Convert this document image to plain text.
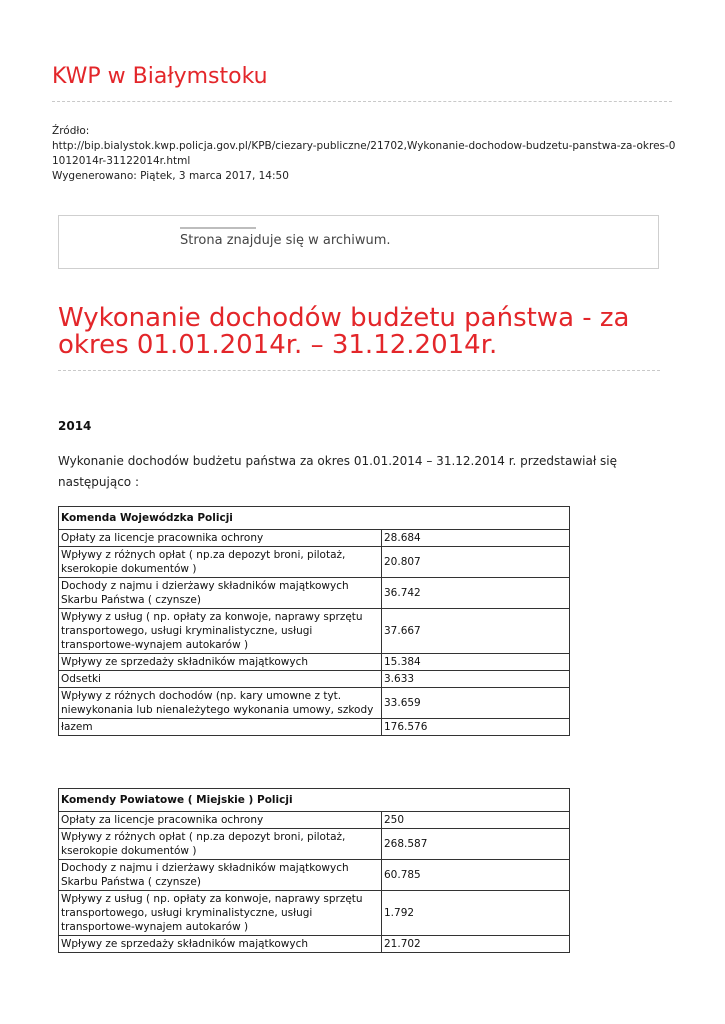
KWP w Białymstoku
Źródło:
http://bip.bialystok.kwp.policja.gov.pl/KPB/ciezary-publiczne/21702,Wykonanie-dochodow-budzetu-panstwa-za-okres-01012014r-31122014r.html
Wygenerowano: Piątek, 3 marca 2017, 14:50
Strona znajduje się w archiwum.
Wykonanie dochodów budżetu państwa - za okres 01.01.2014r. – 31.12.2014r.
2014
Wykonanie dochodów budżetu państwa za okres 01.01.2014 – 31.12.2014 r. przedstawiał się następująco :
Komenda Wojewódzka Policji	
Opłaty za licencje pracownika ochrony	28.684
Wpływy z różnych opłat ( np.za depozyt broni, pilotaż, kserokopie dokumentów )	20.807
Dochody z najmu i dzierżawy składników majątkowych Skarbu Państwa ( czynsze)	36.742
Wpływy z usług ( np. opłaty za konwoje, naprawy sprzętu transportowego, usługi kryminalistyczne, usługi transportowe-wynajem autokarów )	37.667
Wpływy ze sprzedaży składników majątkowych	15.384
Odsetki	3.633
Wpływy z różnych dochodów (np. kary umowne z tyt. niewykonania lub nienależytego wykonania umowy, szkody	33.659
łazem	176.576
Komendy Powiatowe ( Miejskie ) Policji	
Opłaty za licencje pracownika ochrony	250
Wpływy z różnych opłat ( np.za depozyt broni, pilotaż, kserokopie dokumentów )	268.587
Dochody z najmu i dzierżawy składników majątkowych Skarbu Państwa ( czynsze)	60.785
Wpływy z usług ( np. opłaty za konwoje, naprawy sprzętu transportowego, usługi kryminalistyczne, usługi transportowe-wynajem autokarów )	1.792
Wpływy ze sprzedaży składników majątkowych	21.702
